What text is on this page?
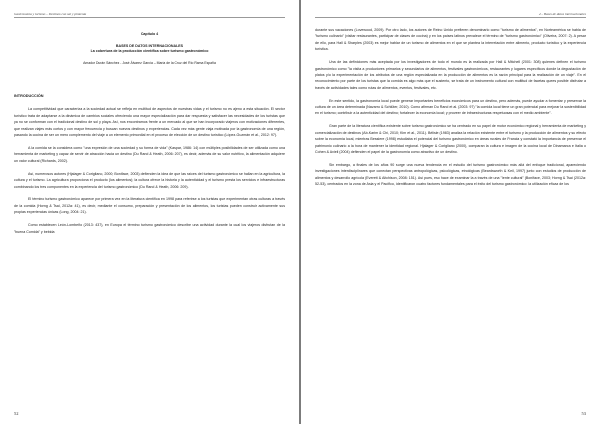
Gastronomía y turismo – Destinos con sal y pimienta
Capítulo 4
BASES DE DATOS INTERNACIONALES
La cobertura de la producción científica sobre turismo gastronómico
Amador Durán Sánchez - José Álvarez García – María de la Cruz del Río Rama España
INTRODUCCIÓN

La competitividad que caracteriza a la sociedad actual se refleja en multitud de aspectos de nuestras vidas y el turismo no es ajeno a esta situación. El sector turístico trata de adaptarse a la dinámica de cambios sociales ofreciendo una mayor especialización para dar respuesta y satisfacer las necesidades de los turistas que ya no se conforman con el tradicional destino de sol y playa. Así, nos encontramos frente a un mercado al que se han incorporado viajeros con motivaciones diferentes, que realizan viajes más cortos y con mayor frecuencia y buscan nuevos destinos y experiencias. Cada vez más gente viaja motivada por la gastronomía de una región, pasando la cocina de ser un mero complemento del viaje a un elemento primordial en el proceso de elección de un destino turístico (López-Guzmán et al., 2012: 97).

A la comida se la considera como "una expresión de una sociedad y su forma de vida" (Kaspar, 1986: 14) con múltiples posibilidades de ser utilizada como una herramienta de marketing y capaz de servir de atracción hacia un destino (Du Rand & Heath, 2006: 207), es decir, además de su valor nutritivo, la alimentación adquiere un valor cultural (Richards, 2002).

Así, numerosos autores (Hjalager & Corigliano, 2000; Boniface, 2003) defienden la idea de que las raíces del turismo gastronómico se hallan en la agricultura, la cultura y el turismo. La agricultura proporciona el producto (los alimentos); la cultura ofrece la historia y la autenticidad y el turismo presta los servicios e infraestructuras combinando los tres componentes en la experiencia del turismo gastronómico (Du Rand & Heath, 2006: 209).

El término turismo gastronómico aparece por primera vez en la literatura científica en 1998 para referirse a los turistas que experimentan otras culturas a través de la comida (Horng & Tsai, 2012a: 41), es decir, mediante el consumo, preparación y presentación de los alimentos, los turistas pueden construir activamente sus propias experiencias únicas (Long, 2004: 21).

Como establecen León-Lombeño (2013: 437), en Europa el término turismo gastronómico describe una actividad durante la cual los viajeros disfrutan de la "buena Comida" y bebida

52
4 – Bases de datos internacionales

durante sus vacaciones (Lovewood, 2009). Por otro lado, los autores de Reino Unido prefieren denominarlo como "turismo de alimentos", en Norteamérica se habla de "turismo culinario" (visitar restaurantes, participar de clases de cocina) y en los países latinos prevalece el término de "turismo gastronómico" (Oliveira, 2007: 2). A pesar de ello, para Hall & Sharples (2003) es mejor hablar de un turismo de alimentos en el que se plantea la interrelación entre alimento, producto turístico y la experiencia turística.

Una de las definiciones más aceptada por los investigadores de todo el mundo es la realizada por Hall & Mitchell (2001: 308) quienes definen el turismo gastronómico como "la visita a productores primarios y secundarios de alimentos, festivales gastronómicos, restaurantes y lugares específicos donde la degustación de platos y/o la experimentación de los atributos de una región especializada en la producción de alimentos es la razón principal para la realización de un viaje". En el reconocimiento por parte de los turistas que la comida es algo más que el sustento, se trata de un instrumento cultural con multitud de facetas quees posible disfrutar a través de actividades tales como rutas de alimentos, eventos, festivales, etc.

En este sentido, la gastronomía local puede generar importantes beneficios económicos para un destino, pero además, puede ayudar a fomentar y preservar la cultura de un área determinada (Navarro & Schlüter, 2010). Como afirman Du Rand et al. (2003: 97) "la comida local tiene un gran potencial para mejorar la sostenibilidad en el turismo; contribuir a la autenticidad del destino; fortalecer la economía local; y proveer de infraestructuras respetuosas con el medio ambiente".

Gran parte de la literatura científica existente sobre turismo gastronómico se ha centrado en su papel de motor económico regional y herramienta de marketing y comercialización de destinos (Ab-Karim & Chi, 2010; Kim et al., 2011). Bélisle (1983) analiza la relación existente entre el turismo y la producción de alimentos y su efecto sobre la economía local, mientras Bessiere (1998) estudiaba el potencial del turismo gastronómico en áreas rurales de Francia y constató la importancia de preservar el patrimonio culinario a la hora de mantener la identidad regional. Hjalager & Corigliano (2000), comparan la cultura e imagen de la cocina local de Dinamarca e Italia o Cohen & Avieli (2004) defienden el papel de la gastronomía como atractivo de un destino.

Sin embargo, a finales de los años 90 surge una nueva tendencia en el estudio del turismo gastronómico más allá del enfoque tradicional, apareciendo investigaciones interdisciplinares que conectan perspectivas antropológicas, psicológicas, etnológicas (Beardsworth & Keil, 1997) junto con estudios de producción de alimentos y desarrollo agrícola (Everett & Aitchison, 2008: 151). Así pues, eso hace de examinar la a través de una "lente cultural" (Boniface, 2003; Horng & Tsai (2012a: 52-53), centrados en la zona de Asia y el Pacífico, identificaron cuatro factores fundamentales para el éxito del turismo gastronómico: la utilización eficaz de los

53
